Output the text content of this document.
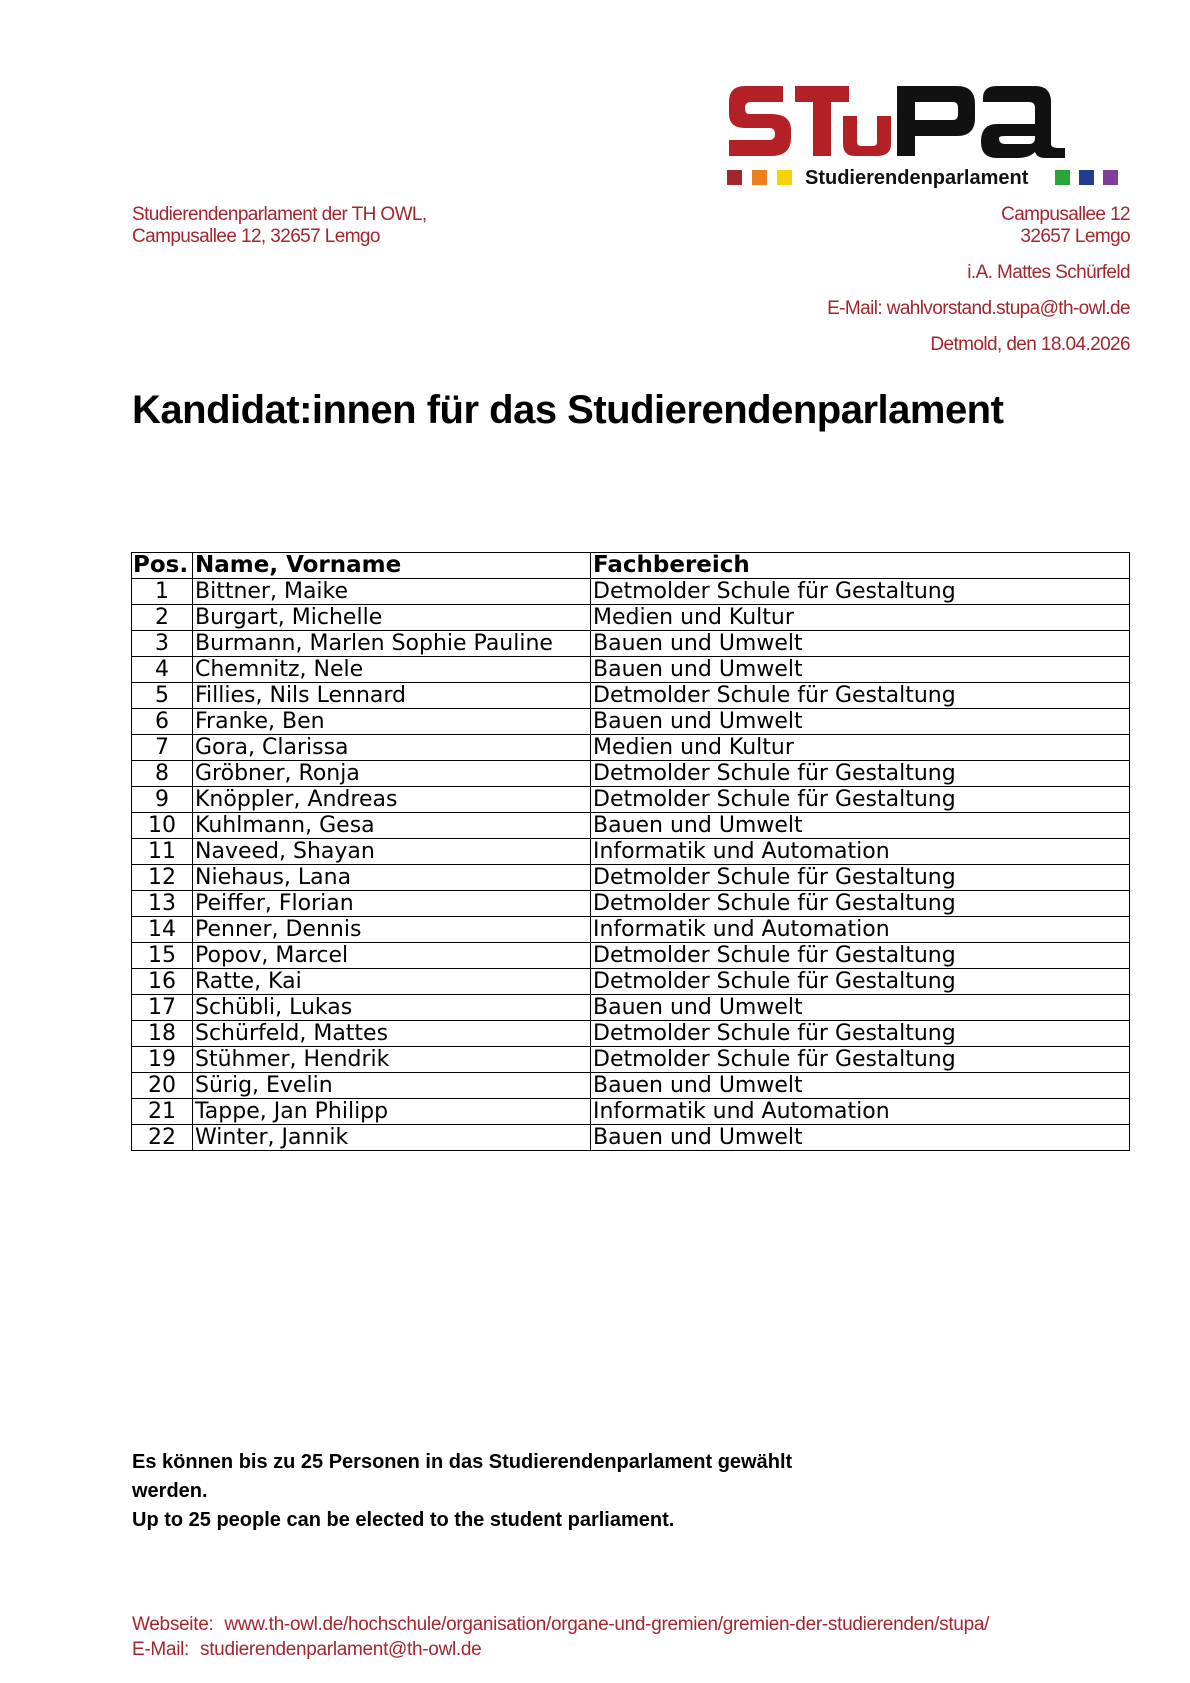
Studierendenparlament
Studierendenparlament der TH OWL,
Campusallee 12, 32657 Lemgo
Campusallee 12
32657 Lemgo
i.A. Mattes Schürfeld
E-Mail: wahlvorstand.stupa@th-owl.de
Detmold, den 18.04.2026
Kandidat:innen für das Studierendenparlament
Pos.	Name, Vorname	Fachbereich
1	Bittner, Maike	Detmolder Schule für Gestaltung
2	Burgart, Michelle	Medien und Kultur
3	Burmann, Marlen Sophie Pauline	Bauen und Umwelt
4	Chemnitz, Nele	Bauen und Umwelt
5	Fillies, Nils Lennard	Detmolder Schule für Gestaltung
6	Franke, Ben	Bauen und Umwelt
7	Gora, Clarissa	Medien und Kultur
8	Gröbner, Ronja	Detmolder Schule für Gestaltung
9	Knöppler, Andreas	Detmolder Schule für Gestaltung
10	Kuhlmann, Gesa	Bauen und Umwelt
11	Naveed, Shayan	Informatik und Automation
12	Niehaus, Lana	Detmolder Schule für Gestaltung
13	Peiffer, Florian	Detmolder Schule für Gestaltung
14	Penner, Dennis	Informatik und Automation
15	Popov, Marcel	Detmolder Schule für Gestaltung
16	Ratte, Kai	Detmolder Schule für Gestaltung
17	Schübli, Lukas	Bauen und Umwelt
18	Schürfeld, Mattes	Detmolder Schule für Gestaltung
19	Stühmer, Hendrik	Detmolder Schule für Gestaltung
20	Sürig, Evelin	Bauen und Umwelt
21	Tappe, Jan Philipp	Informatik und Automation
22	Winter, Jannik	Bauen und Umwelt
Es können bis zu 25 Personen in das Studierendenparlament gewählt
werden.
Up to 25 people can be elected to the student parliament.
Webseite: www.th-owl.de/hochschule/organisation/organe-und-gremien/gremien-der-studierenden/stupa/
E-Mail: studierendenparlament@th-owl.de
